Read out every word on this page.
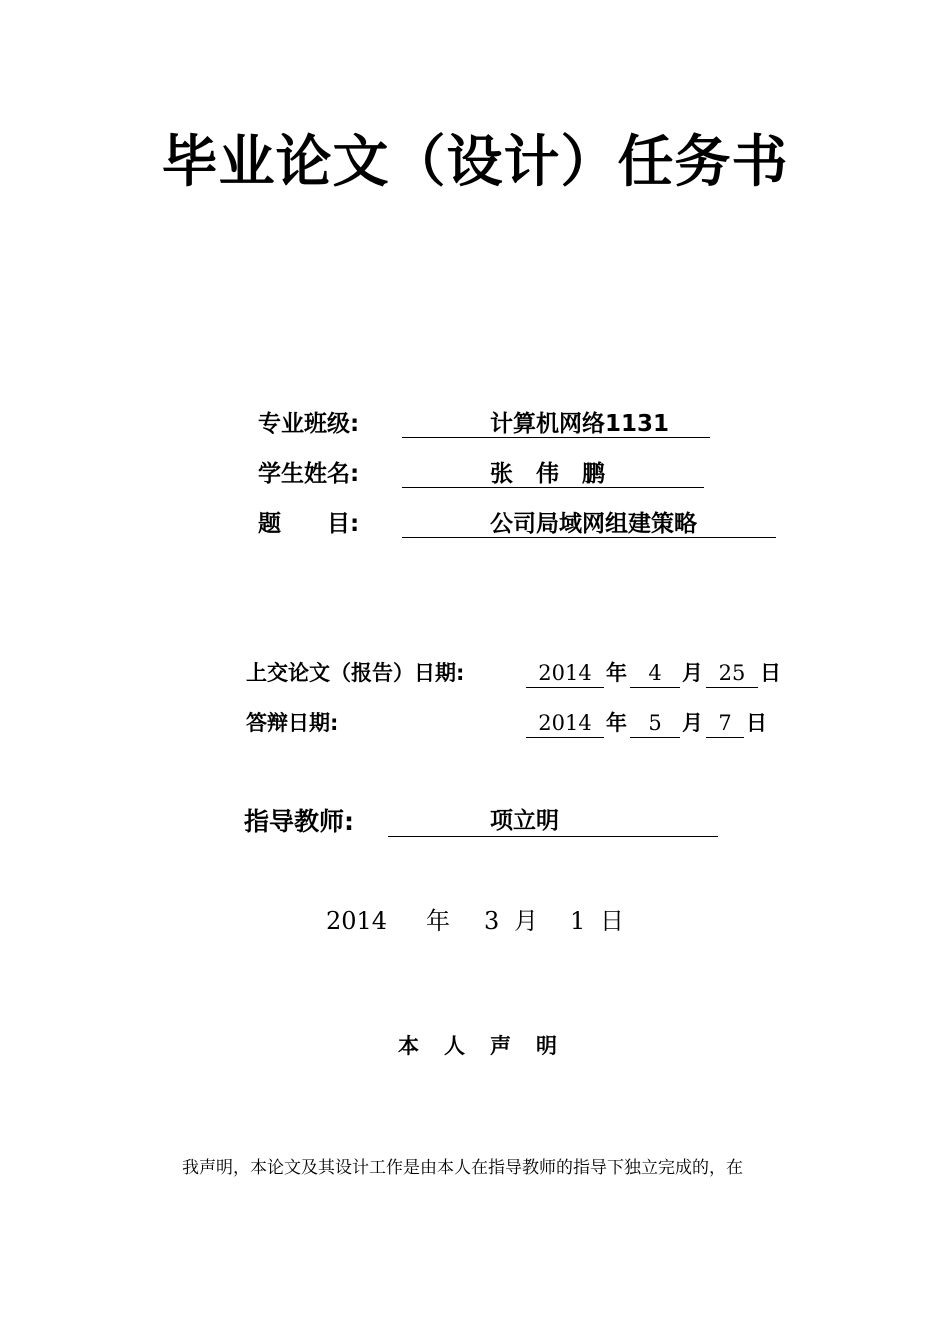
毕业论文（设计）任务书
专业班级:	计算机网络1131
学生姓名:	张　伟　鹏
题　　目:	公司局域网组建策略
上交论文（报告）日期:	2014 年	4 月 25 日
答辩日期:	2014 年	5 月 7 日
指导教师:	项立明
2014 年 3 月 1 日
本　人　声　明
我声明，本论文及其设计工作是由本人在指导教师的指导下独立完成的，在
